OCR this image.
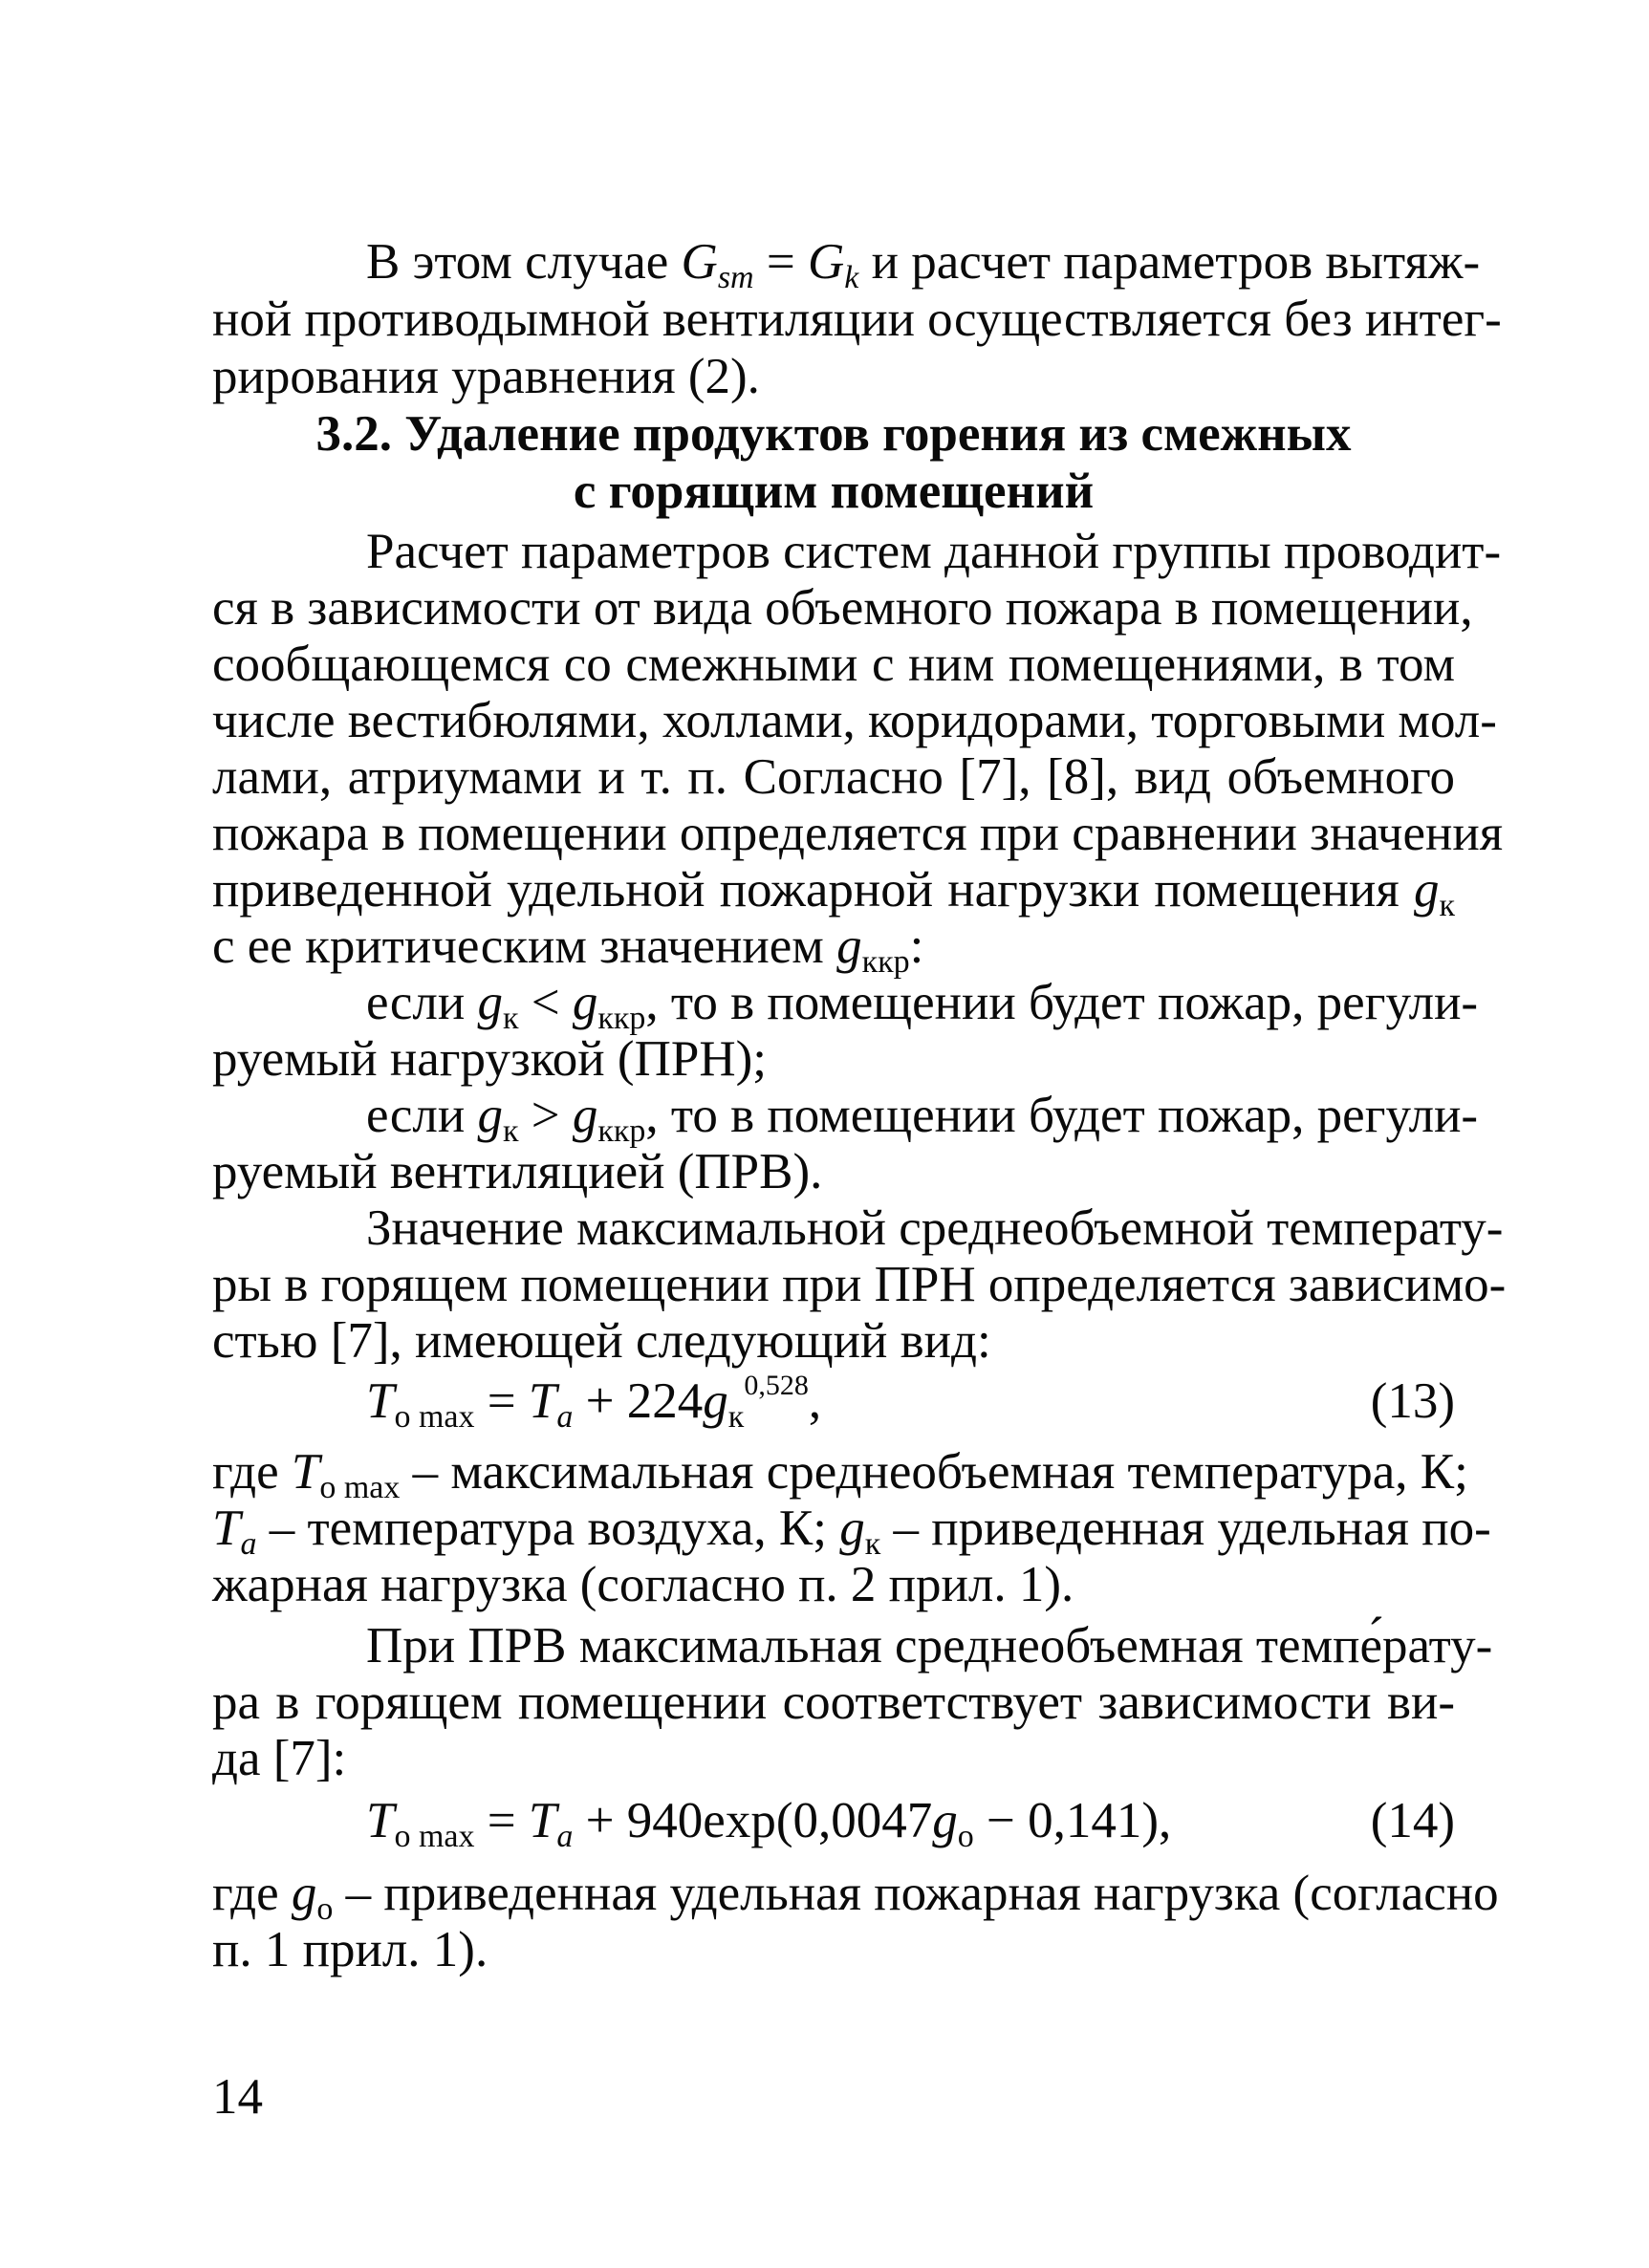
В этом случае $G_{sm} = G_k$ и расчет параметров вытяж-
ной противодымной вентиляции осуществляется без интег-
рирования уравнения (2).
3.2. Удаление продуктов горения из смежных
с горящим помещений
Расчет параметров систем данной группы проводит-
ся в зависимости от вида объемного пожара в помещении,
сообщающемся со смежными с ним помещениями, в том
числе вестибюлями, холлами, коридорами, торговыми мол-
лами, атриумами и т. п. Согласно [7], [8], вид объемного
пожара в помещении определяется при сравнении значения
приведенной удельной пожарной нагрузки помещения $g_к$
с ее критическим значением $g_{ккр}$:
если $g_к < g_{ккр}$, то в помещении будет пожар, регули-
руемый нагрузкой (ПРН);
если $g_к > g_{ккр}$, то в помещении будет пожар, регули-
руемый вентиляцией (ПРВ).
Значение максимальной среднеобъемной температу-
ры в горящем помещении при ПРН определяется зависимо-
стью [7], имеющей следующий вид:
$T_{о max} = T_a + 224g_к^{0,528}$,	(13)
где $T_{о max}$ – максимальная среднеобъемная температура, К;
$T_a$ – температура воздуха, К; $g_к$ – приведенная удельная по-
жарная нагрузка (согласно п. 2 прил. 1).
При ПРВ максимальная среднеобъемная темпе́рату-
ра в горящем помещении соответствует зависимости ви-
да [7]:
$T_{о max} = T_a + 940\exp(0,0047g_о - 0,141)$,	(14)
где $g_о$ – приведенная удельная пожарная нагрузка (согласно
п. 1 прил. 1).
14
